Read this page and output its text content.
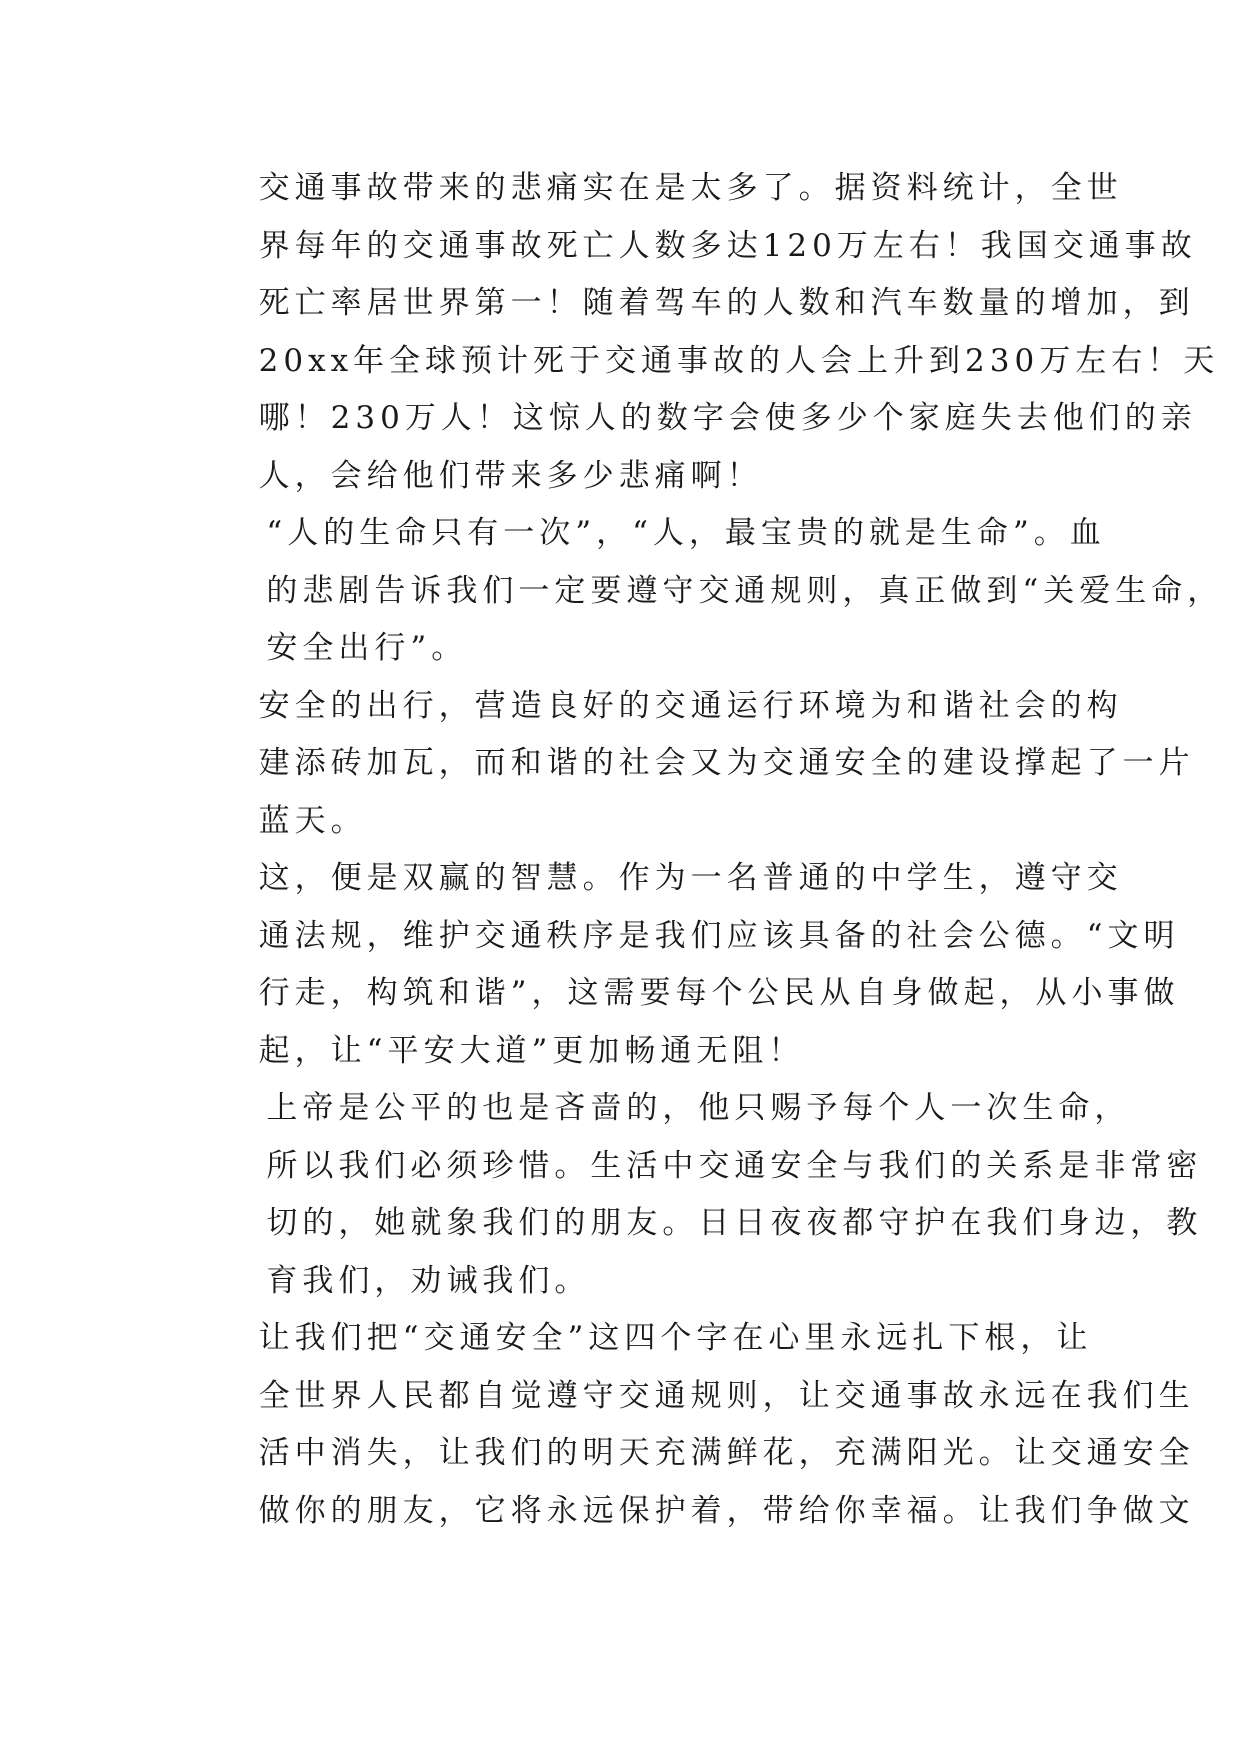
交通事故带来的悲痛实在是太多了。据资料统计，全世
界每年的交通事故死亡人数多达120万左右！我国交通事故
死亡率居世界第一！随着驾车的人数和汽车数量的增加，到
20xx年全球预计死于交通事故的人会上升到230万左右！天
哪！230万人！这惊人的数字会使多少个家庭失去他们的亲
人，会给他们带来多少悲痛啊！

“人的生命只有一次”，“人，最宝贵的就是生命”。血
的悲剧告诉我们一定要遵守交通规则，真正做到“关爱生命，
安全出行”。

安全的出行，营造良好的交通运行环境为和谐社会的构
建添砖加瓦，而和谐的社会又为交通安全的建设撑起了一片
蓝天。

这，便是双赢的智慧。作为一名普通的中学生，遵守交
通法规，维护交通秩序是我们应该具备的社会公德。“文明
行走，构筑和谐”，这需要每个公民从自身做起，从小事做
起，让“平安大道”更加畅通无阻！

上帝是公平的也是吝啬的，他只赐予每个人一次生命，
所以我们必须珍惜。生活中交通安全与我们的关系是非常密
切的，她就象我们的朋友。日日夜夜都守护在我们身边，教
育我们，劝诫我们。

让我们把“交通安全”这四个字在心里永远扎下根，让
全世界人民都自觉遵守交通规则，让交通事故永远在我们生
活中消失，让我们的明天充满鲜花，充满阳光。让交通安全
做你的朋友，它将永远保护着，带给你幸福。让我们争做文
